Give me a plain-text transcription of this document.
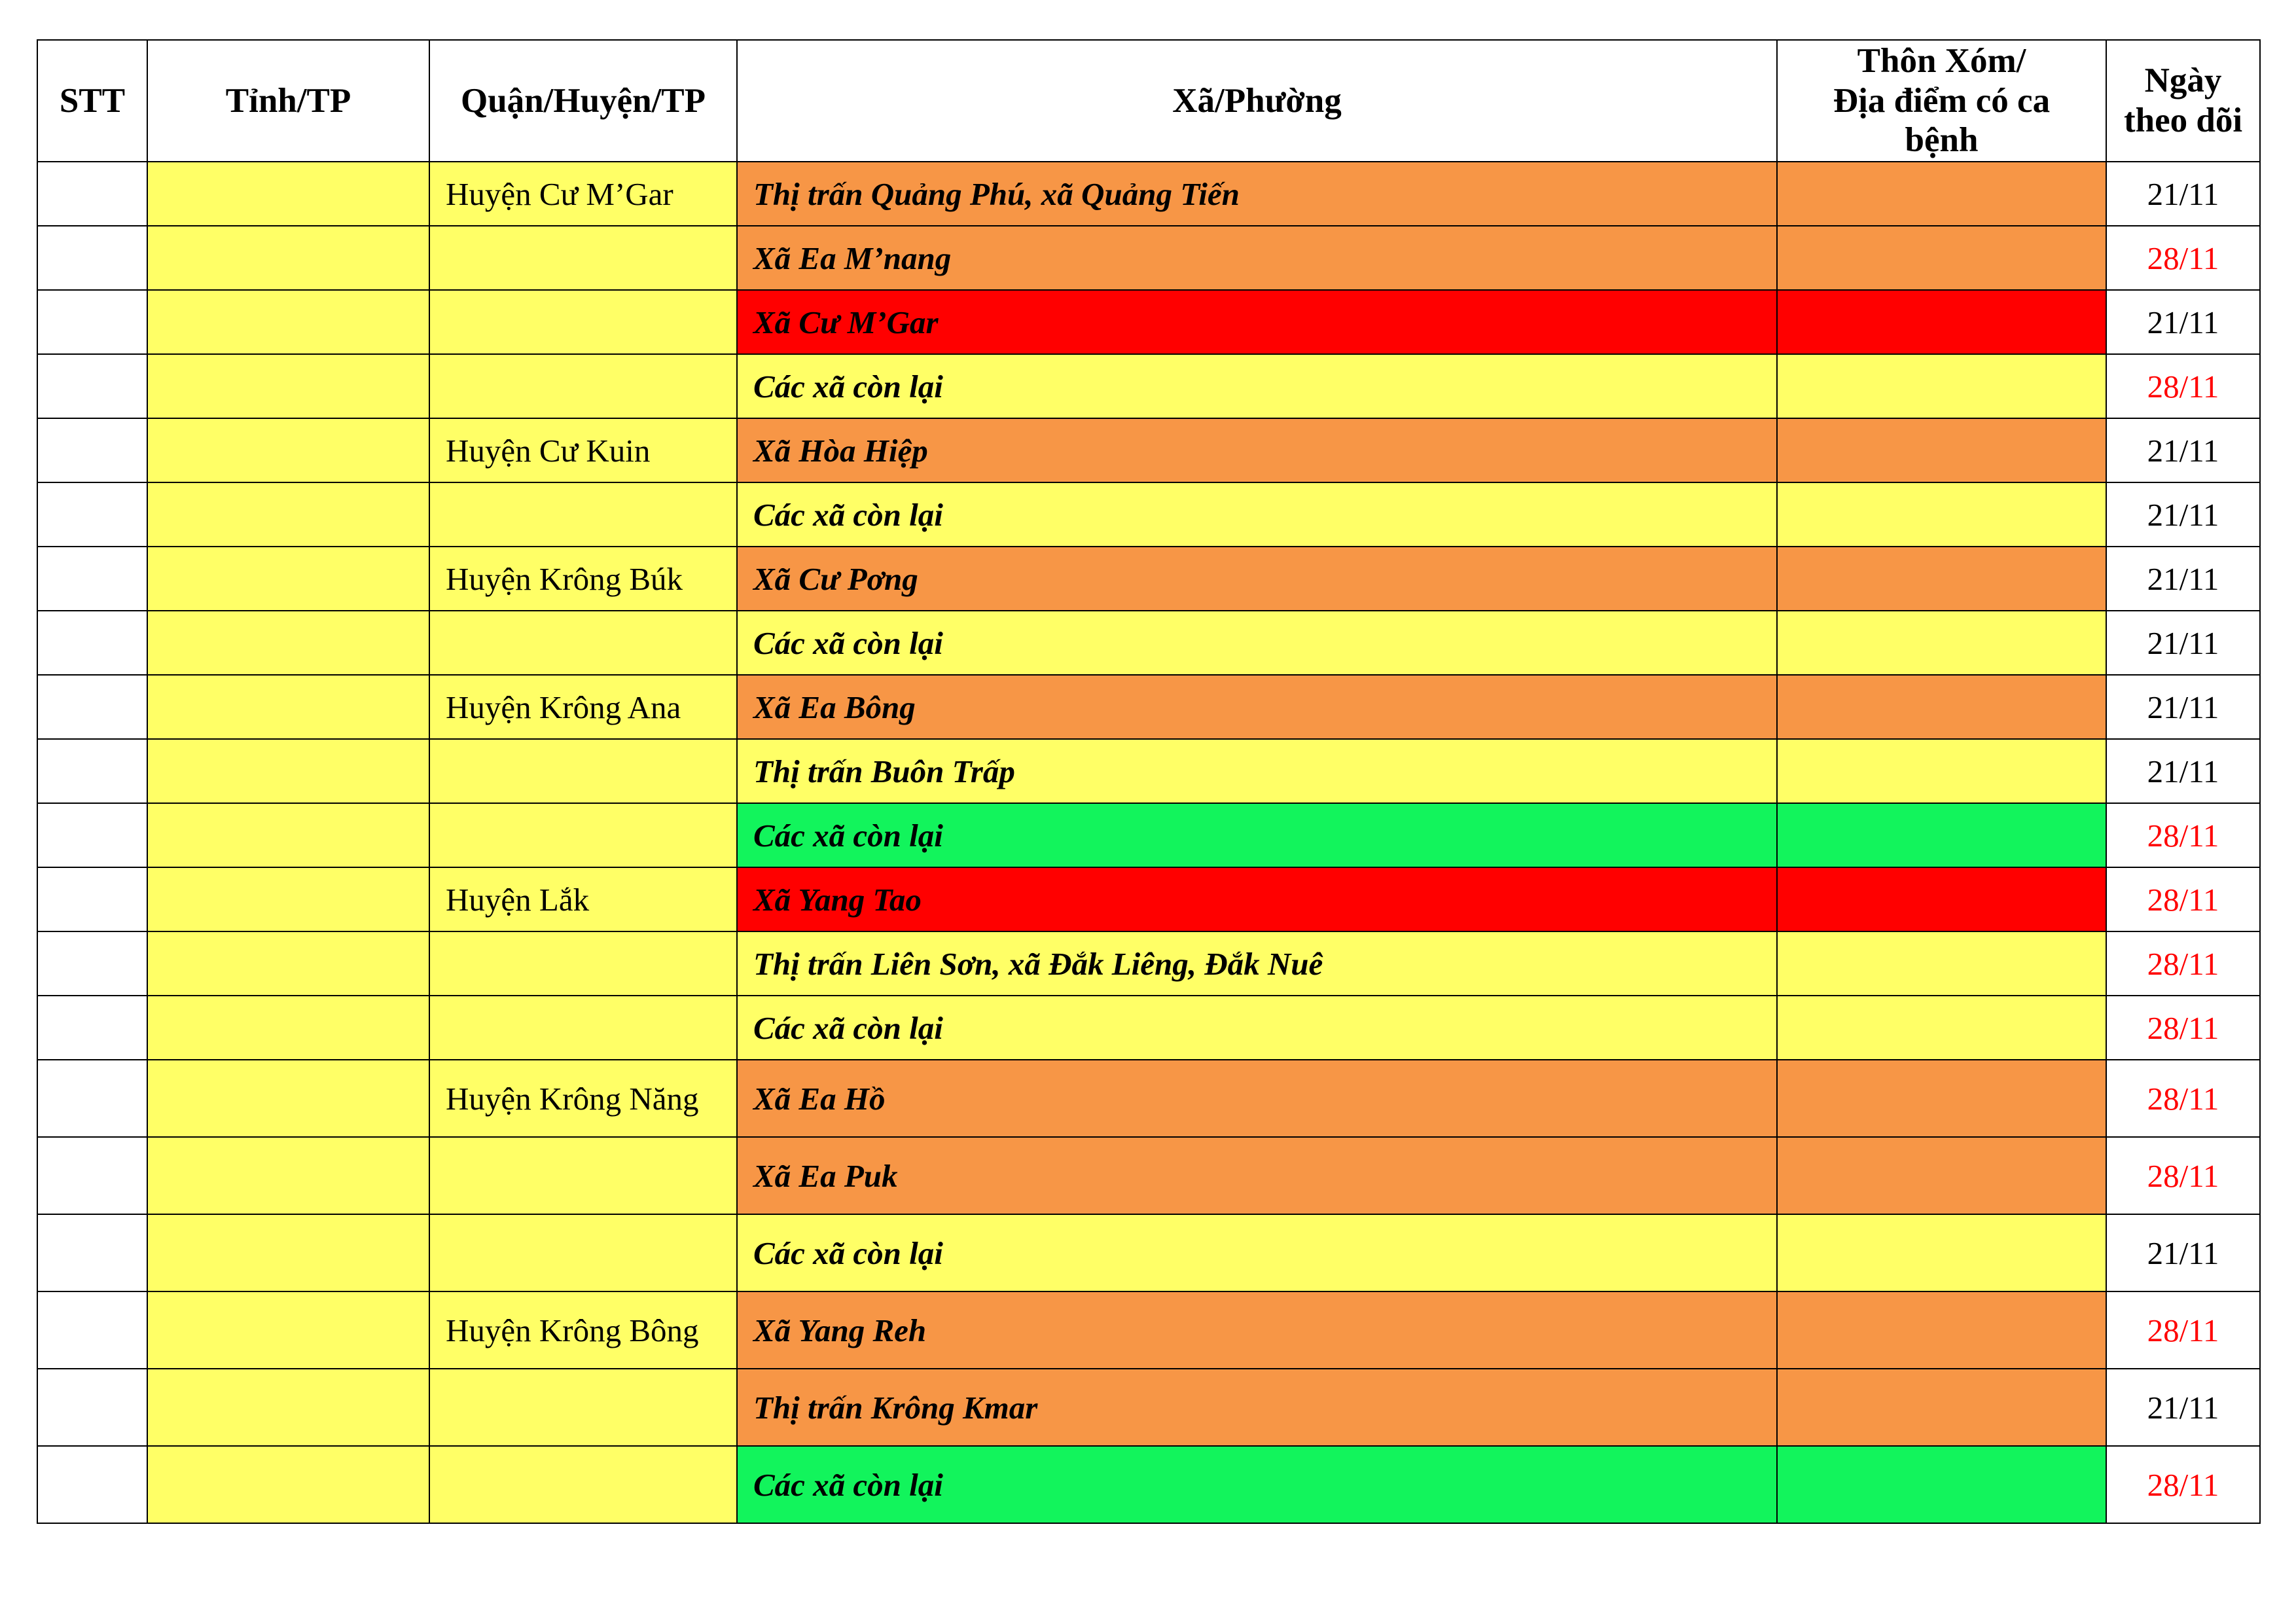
STT	Tỉnh/TP	Quận/Huyện/TP	Xã/Phường	Thôn Xóm/
Địa điểm có ca
bệnh	Ngày
theo dõi

		Huyện Cư M’Gar	Thị trấn Quảng Phú, xã Quảng Tiến		21/11
			Xã Ea M’nang		28/11
			Xã Cư M’Gar		21/11
			Các xã còn lại		28/11
		Huyện Cư Kuin	Xã Hòa Hiệp		21/11
			Các xã còn lại		21/11
		Huyện Krông Búk	Xã Cư Pơng		21/11
			Các xã còn lại		21/11
		Huyện Krông Ana	Xã Ea Bông		21/11
			Thị trấn Buôn Trấp		21/11
			Các xã còn lại		28/11
		Huyện Lắk	Xã Yang Tao		28/11
			Thị trấn Liên Sơn, xã Đắk Liêng, Đắk Nuê		28/11
			Các xã còn lại		28/11
		Huyện Krông Năng	Xã Ea Hồ		28/11
			Xã Ea Puk		28/11
			Các xã còn lại		21/11
		Huyện Krông Bông	Xã Yang Reh		28/11
			Thị trấn Krông Kmar		21/11
			Các xã còn lại		28/11
